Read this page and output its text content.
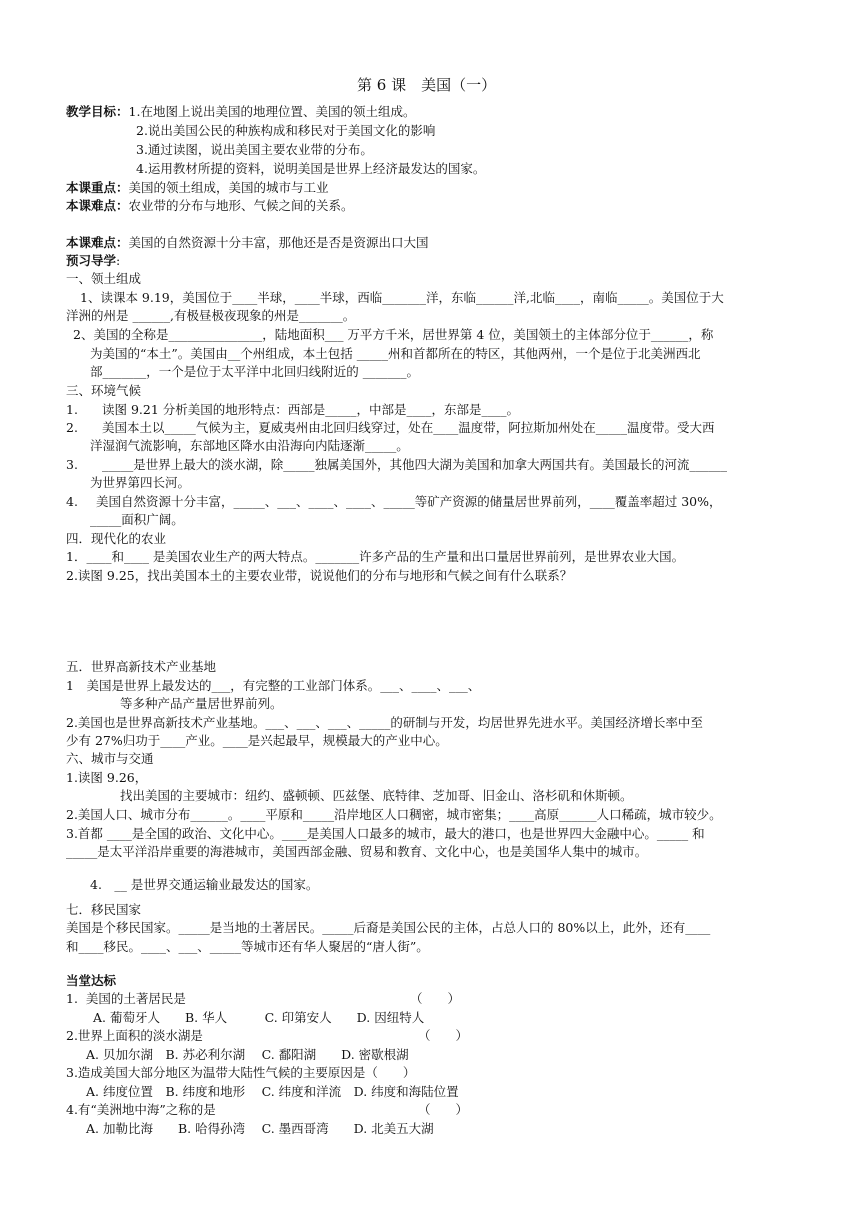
第 6 课　美国（一）
教学目标：1.在地图上说出美国的地理位置、美国的领土组成。
2.说出美国公民的种族构成和移民对于美国文化的影响
3.通过读图，说出美国主要农业带的分布。
4.运用教材所提的资料，说明美国是世界上经济最发达的国家。
本课重点：美国的领土组成，美国的城市与工业
本课难点：农业带的分布与地形、气候之间的关系。
本课难点：美国的自然资源十分丰富，那他还是否是资源出口大国
预习导学:
一、领土组成
1、读课本 9.19，美国位于____半球，____半球，西临_______洋，东临______洋,北临____，南临_____。美国位于大
洋洲的州是 ______,有极昼极夜现象的州是_______。
2、美国的全称是_______________，陆地面积___ 万平方千米，居世界第 4 位，美国领土的主体部分位于______，称
为美国的“本土”。美国由__个州组成，本土包括 _____州和首都所在的特区，其他两州，一个是位于北美洲西北
部_______，一个是位于太平洋中北回归线附近的 _______。
三、环境气候
1. 读图 9.21 分析美国的地形特点：西部是_____，中部是____，东部是____。
2. 美国本土以_____气候为主，夏威夷州由北回归线穿过，处在____温度带，阿拉斯加州处在_____温度带。受大西
洋湿润气流影响，东部地区降水由沿海向内陆逐渐_____。
3. _____是世界上最大的淡水湖，除_____独属美国外，其他四大湖为美国和加拿大两国共有。美国最长的河流______
为世界第四长河。
4. 美国自然资源十分丰富，_____、___、____、____、_____等矿产资源的储量居世界前列，____覆盖率超过 30%，
_____面积广阔。
四．现代化的农业
1．____和____ 是美国农业生产的两大特点。_______许多产品的生产量和出口量居世界前列，是世界农业大国。
2.读图 9.25，找出美国本土的主要农业带，说说他们的分布与地形和气候之间有什么联系？
五．世界高新技术产业基地
1　美国是世界上最发达的___，有完整的工业部门体系。___、____、___、
等多种产品产量居世界前列。
2.美国也是世界高新技术产业基地。___、___、___、_____的研制与开发，均居世界先进水平。美国经济增长率中至
少有 27%归功于____产业。____是兴起最早，规模最大的产业中心。
六、城市与交通
1.读图 9.26，
找出美国的主要城市：纽约、盛顿顿、匹兹堡、底特律、芝加哥、旧金山、洛杉矶和休斯顿。
2.美国人口、城市分布______。____平原和_____沿岸地区人口稠密，城市密集；____高原______人口稀疏，城市较少。
3.首都 ____是全国的政治、文化中心。____是美国人口最多的城市，最大的港口，也是世界四大金融中心。_____ 和
_____是太平洋沿岸重要的海港城市，美国西部金融、贸易和教育、文化中心，也是美国华人集中的城市。
4.　__ 是世界交通运输业最发达的国家。
七．移民国家
美国是个移民国家。_____是当地的土著居民。_____后裔是美国公民的主体，占总人口的 80%以上，此外，还有____
和____移民。____、___、_____等城市还有华人聚居的“唐人街”。
当堂达标
1.  美国的土著居民是	（　　）
A. 葡萄牙人　　B. 华人　　　C. 印第安人　　D. 因纽特人
2.世界上面积的淡水湖是	（　　）
A. 贝加尔湖　B. 苏必利尔湖　 C. 鄱阳湖　　D. 密歇根湖
3.造成美国大部分地区为温带大陆性气候的主要原因是（　　）
A. 纬度位置　B. 纬度和地形　 C. 纬度和洋流　D. 纬度和海陆位置
4.有“美洲地中海”之称的是	（　　）
A. 加勒比海　　B. 哈得孙湾　 C. 墨西哥湾　　D. 北美五大湖
